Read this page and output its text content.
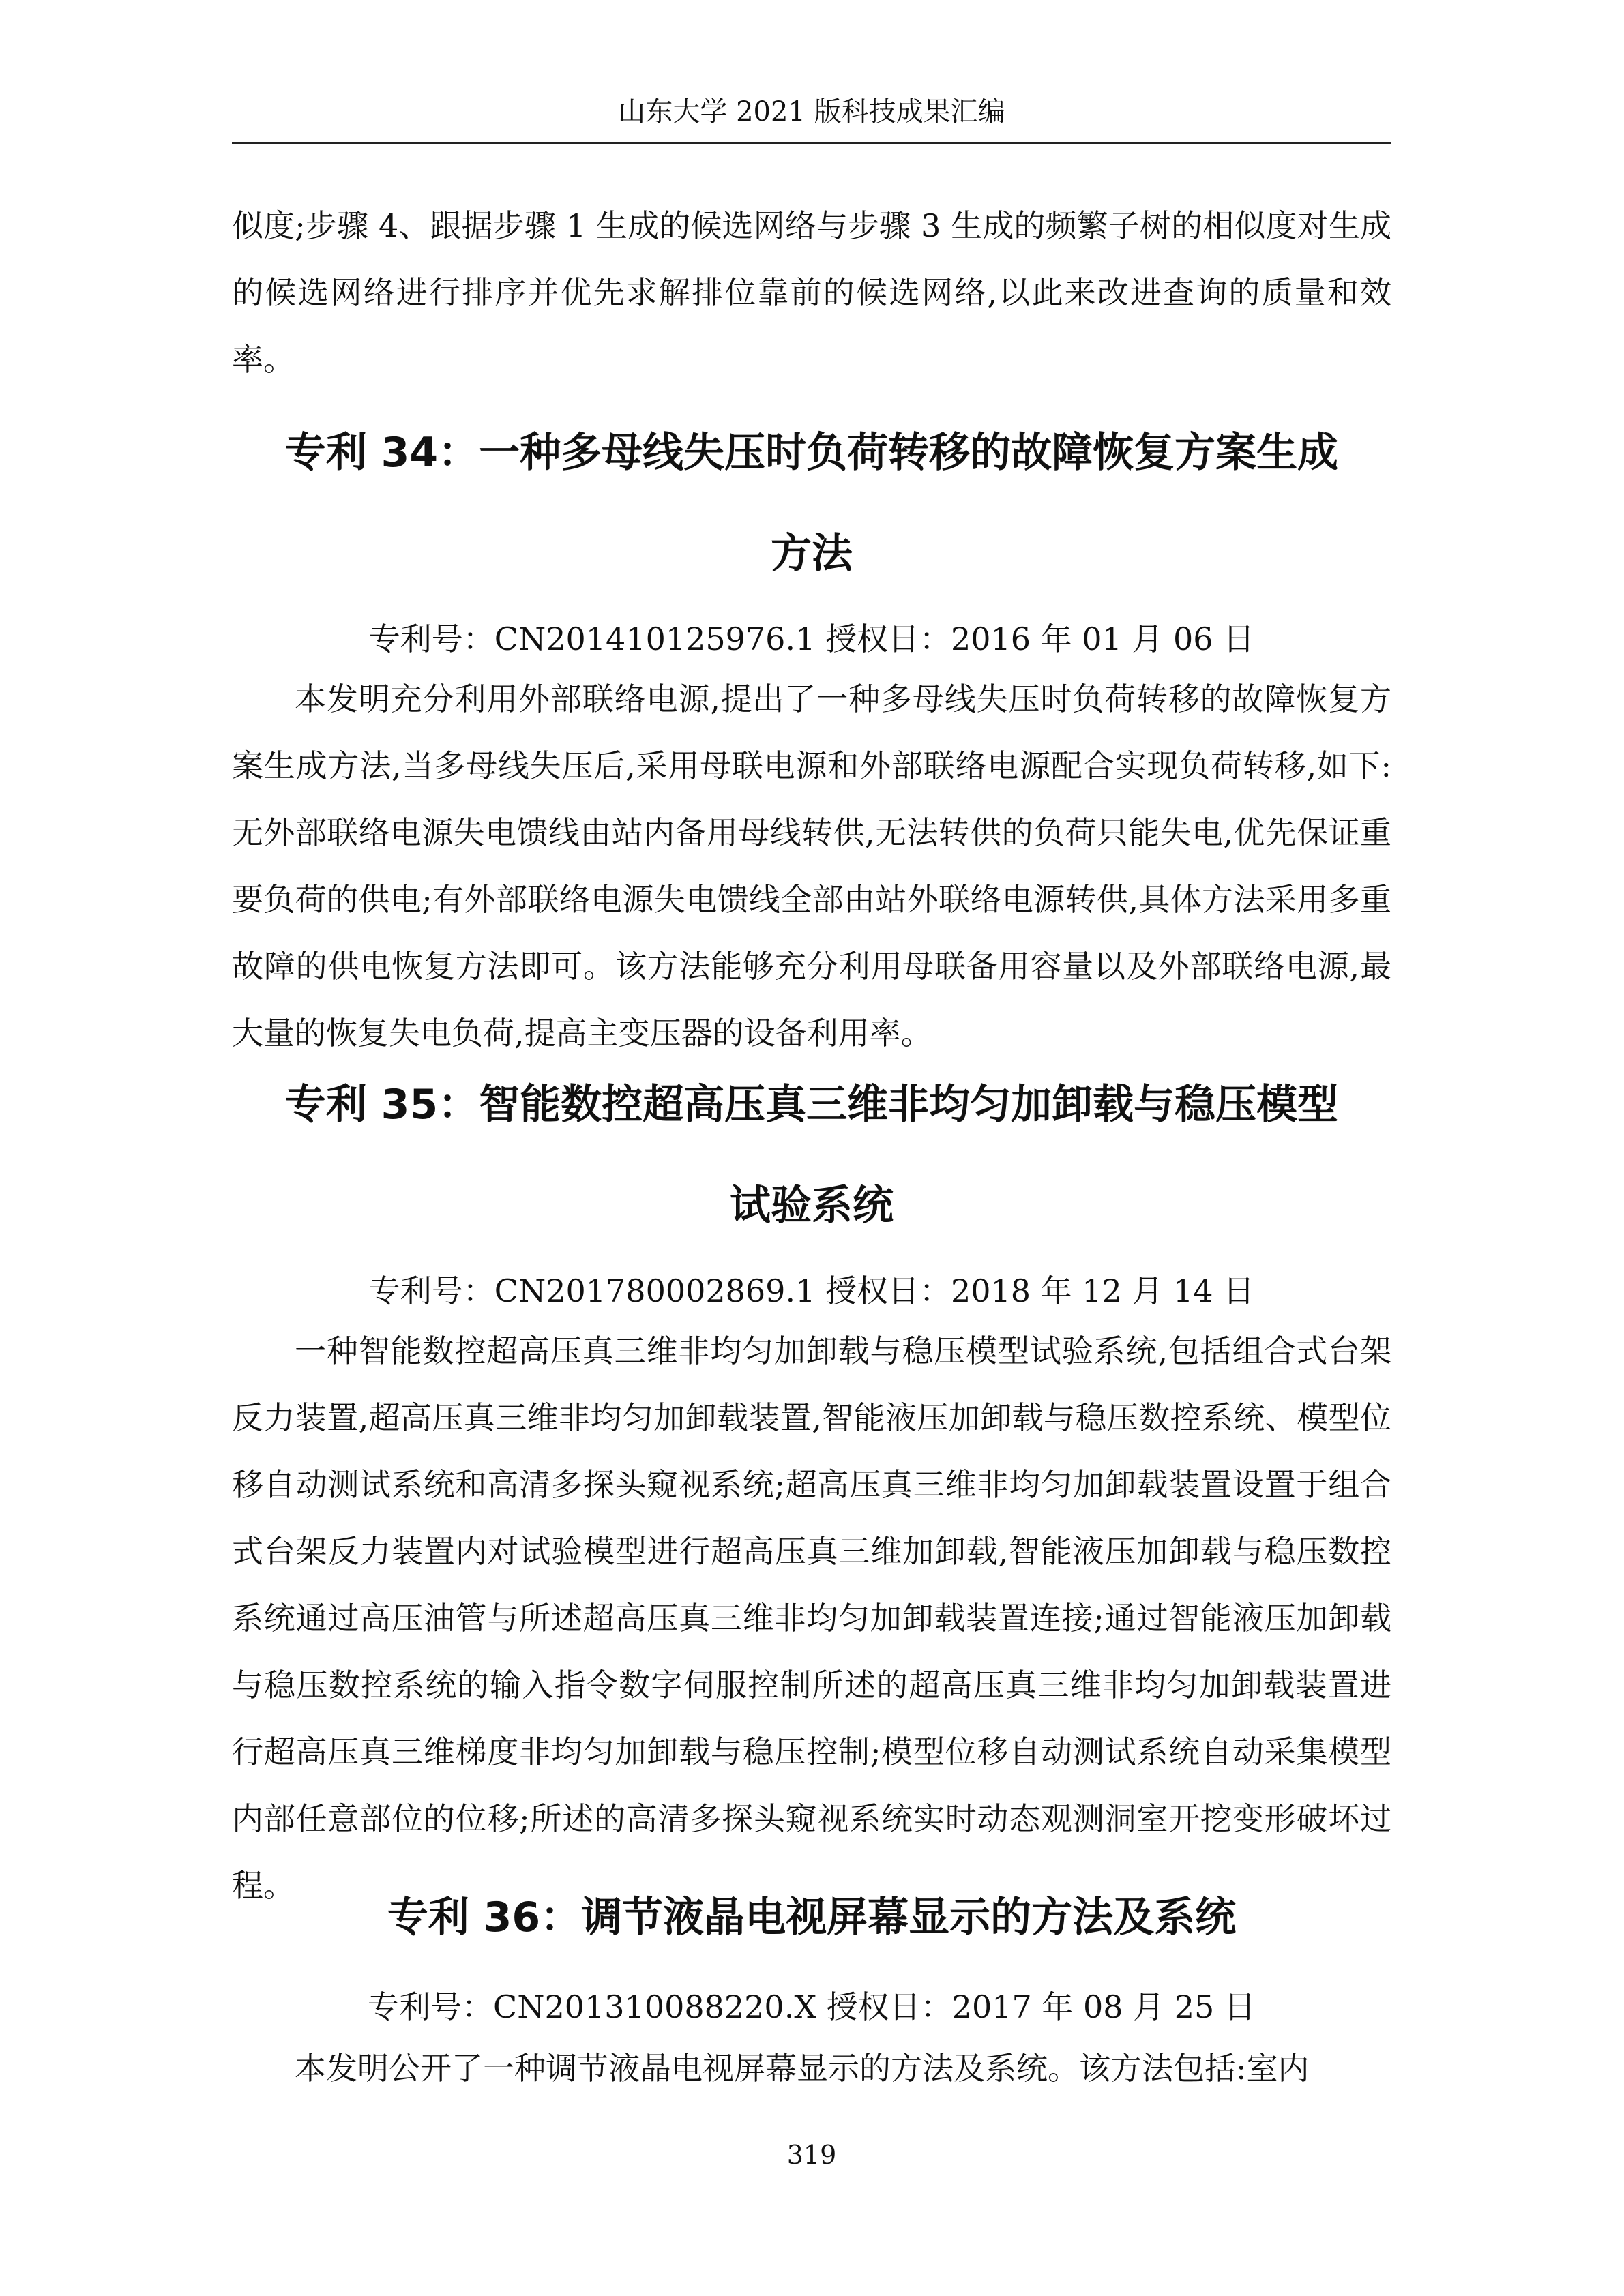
山东大学 2021 版科技成果汇编

似度;步骤 4、跟据步骤 1 生成的候选网络与步骤 3 生成的频繁子树的相似度对生成的候选网络进行排序并优先求解排位靠前的候选网络,以此来改进查询的质量和效率。

专利 34：一种多母线失压时负荷转移的故障恢复方案生成
方法

专利号：CN201410125976.1 授权日：2016 年 01 月 06 日

本发明充分利用外部联络电源,提出了一种多母线失压时负荷转移的故障恢复方案生成方法,当多母线失压后,采用母联电源和外部联络电源配合实现负荷转移,如下:无外部联络电源失电馈线由站内备用母线转供,无法转供的负荷只能失电,优先保证重要负荷的供电;有外部联络电源失电馈线全部由站外联络电源转供,具体方法采用多重故障的供电恢复方法即可。该方法能够充分利用母联备用容量以及外部联络电源,最大量的恢复失电负荷,提高主变压器的设备利用率。

专利 35：智能数控超高压真三维非均匀加卸载与稳压模型
试验系统

专利号：CN201780002869.1 授权日：2018 年 12 月 14 日

一种智能数控超高压真三维非均匀加卸载与稳压模型试验系统,包括组合式台架反力装置,超高压真三维非均匀加卸载装置,智能液压加卸载与稳压数控系统、模型位移自动测试系统和高清多探头窥视系统;超高压真三维非均匀加卸载装置设置于组合式台架反力装置内对试验模型进行超高压真三维加卸载,智能液压加卸载与稳压数控系统通过高压油管与所述超高压真三维非均匀加卸载装置连接;通过智能液压加卸载与稳压数控系统的输入指令数字伺服控制所述的超高压真三维非均匀加卸载装置进行超高压真三维梯度非均匀加卸载与稳压控制;模型位移自动测试系统自动采集模型内部任意部位的位移;所述的高清多探头窥视系统实时动态观测洞室开挖变形破坏过程。

专利 36：调节液晶电视屏幕显示的方法及系统

专利号：CN201310088220.X 授权日：2017 年 08 月 25 日

本发明公开了一种调节液晶电视屏幕显示的方法及系统。该方法包括:室内

319
